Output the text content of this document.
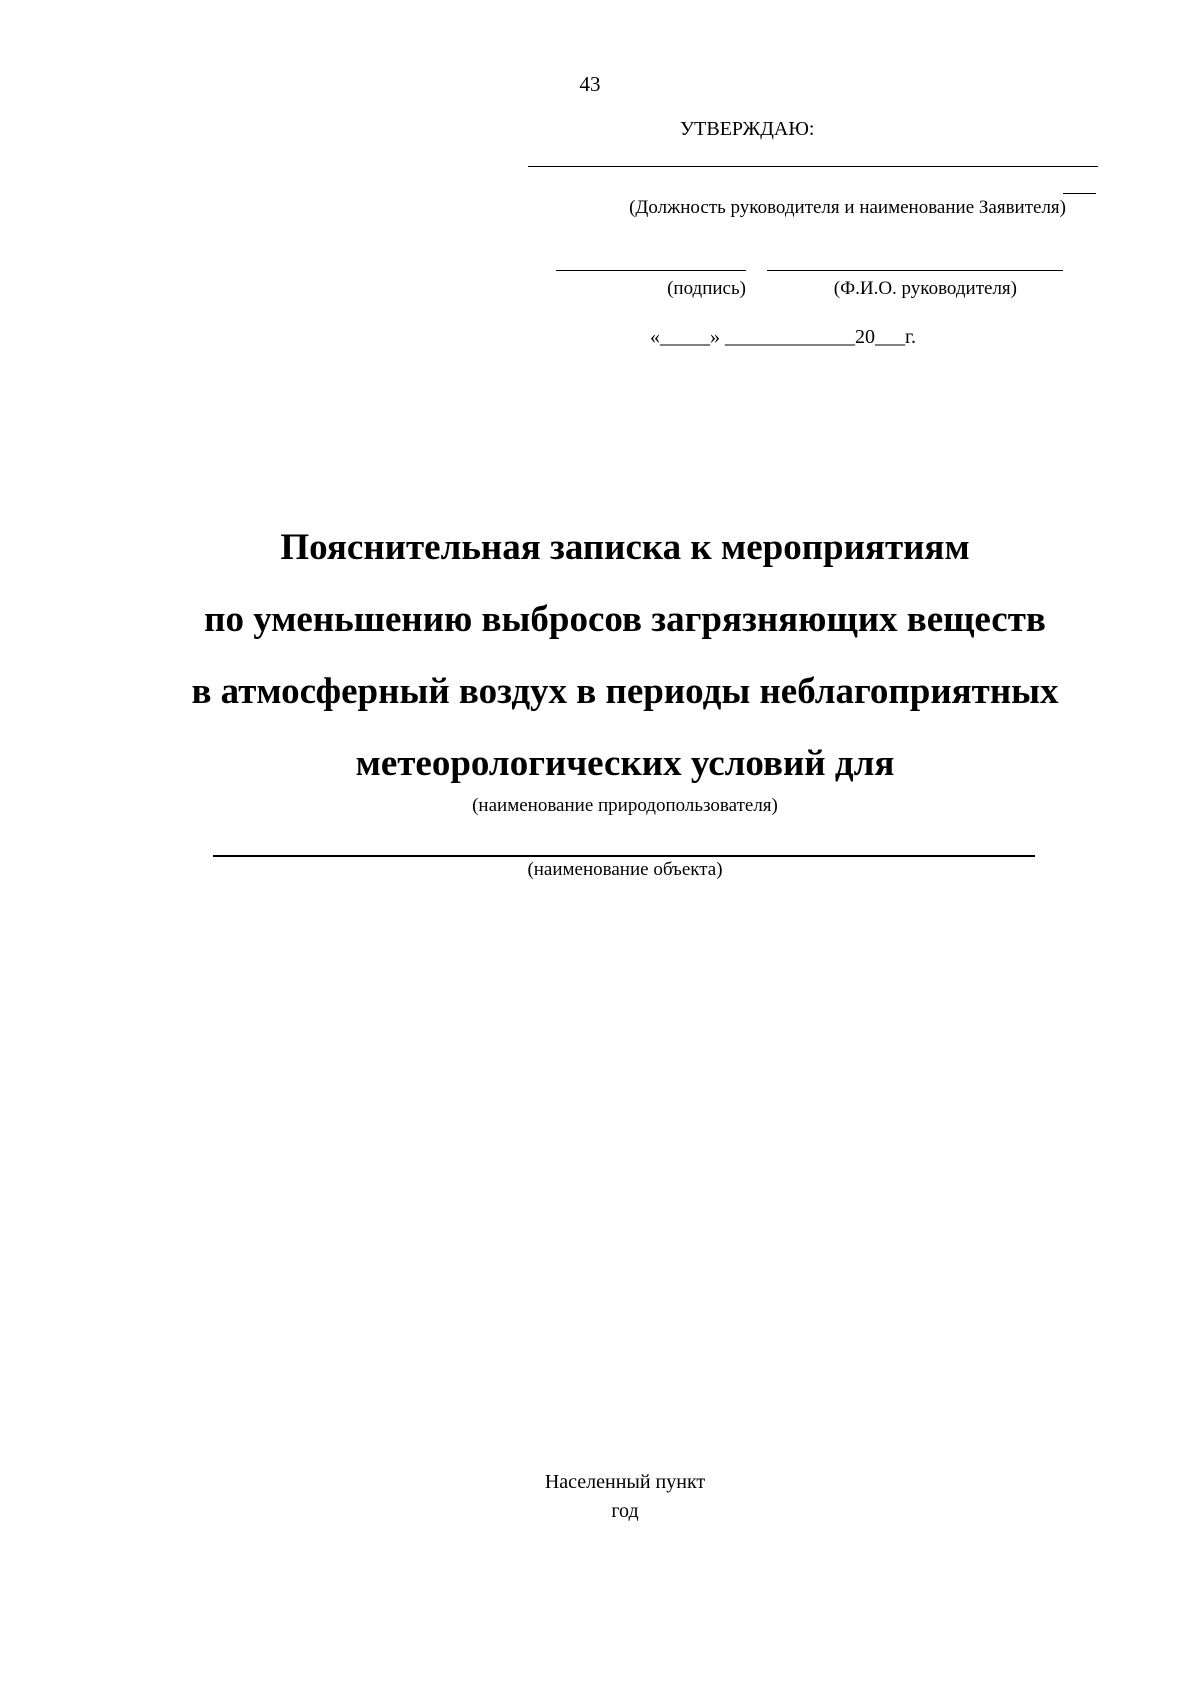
43
УТВЕРЖДАЮ:
(Должность руководителя и наименование Заявителя)
(подпись)	(Ф.И.О. руководителя)
«_____» _____________20___г.
Пояснительная записка к мероприятиям
по уменьшению выбросов загрязняющих веществ
в атмосферный воздух в периоды неблагоприятных
метеорологических условий для
(наименование природопользователя)
(наименование объекта)
Населенный пункт
год
